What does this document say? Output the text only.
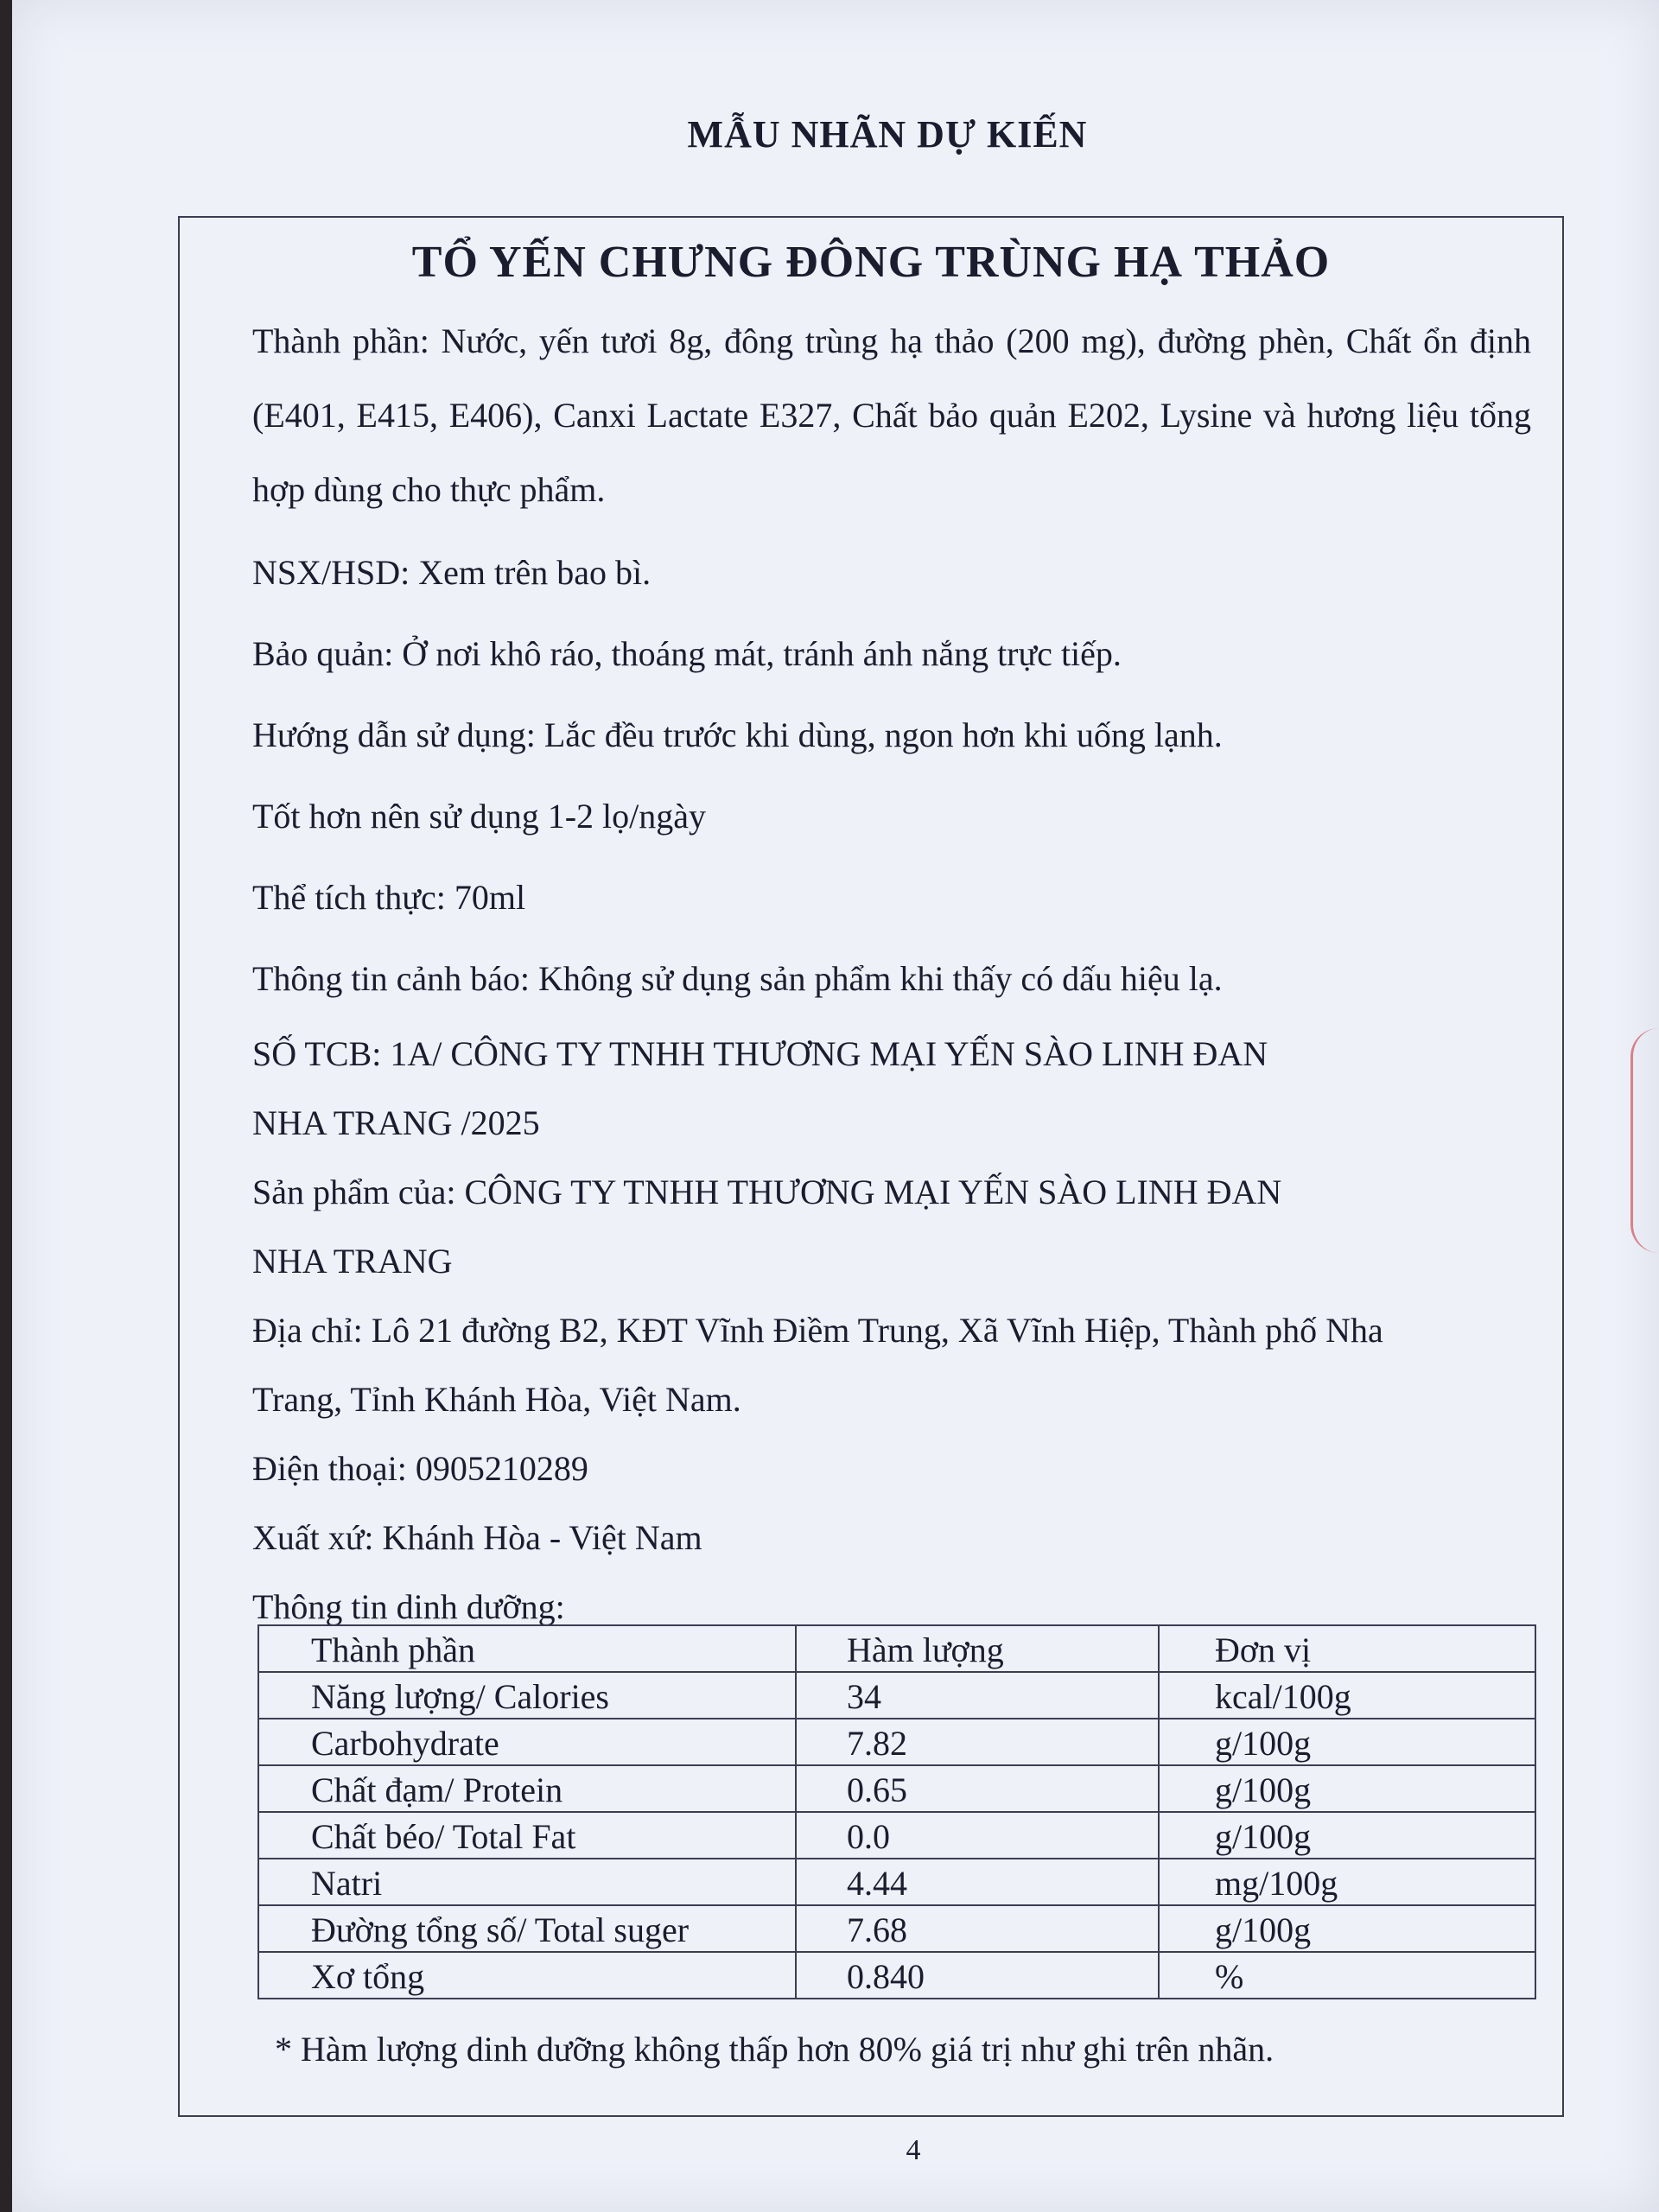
MẪU NHÃN DỰ KIẾN
TỔ YẾN CHƯNG ĐÔNG TRÙNG HẠ THẢO
Thành phần: Nước, yến tươi 8g, đông trùng hạ thảo (200 mg), đường phèn, Chất ổn định (E401, E415, E406), Canxi Lactate E327, Chất bảo quản E202, Lysine và hương liệu tổng hợp dùng cho thực phẩm.
NSX/HSD: Xem trên bao bì.
Bảo quản: Ở nơi khô ráo, thoáng mát, tránh ánh nắng trực tiếp.
Hướng dẫn sử dụng: Lắc đều trước khi dùng, ngon hơn khi uống lạnh.
Tốt hơn nên sử dụng 1-2 lọ/ngày
Thể tích thực: 70ml
Thông tin cảnh báo: Không sử dụng sản phẩm khi thấy có dấu hiệu lạ.
SỐ TCB: 1A/ CÔNG TY TNHH THƯƠNG MẠI YẾN SÀO LINH ĐAN
NHA TRANG /2025
Sản phẩm của: CÔNG TY TNHH THƯƠNG MẠI YẾN SÀO LINH ĐAN
NHA TRANG
Địa chỉ: Lô 21 đường B2, KĐT Vĩnh Điềm Trung, Xã Vĩnh Hiệp, Thành phố Nha
Trang, Tỉnh Khánh Hòa, Việt Nam.
Điện thoại: 0905210289
Xuất xứ: Khánh Hòa - Việt Nam
Thông tin dinh dưỡng:
Thành phần	Hàm lượng	Đơn vị
Năng lượng/ Calories	34	kcal/100g
Carbohydrate	7.82	g/100g
Chất đạm/ Protein	0.65	g/100g
Chất béo/ Total Fat	0.0	g/100g
Natri	4.44	mg/100g
Đường tổng số/ Total suger	7.68	g/100g
Xơ tổng	0.840	%
* Hàm lượng dinh dưỡng không thấp hơn 80% giá trị như ghi trên nhãn.
4
